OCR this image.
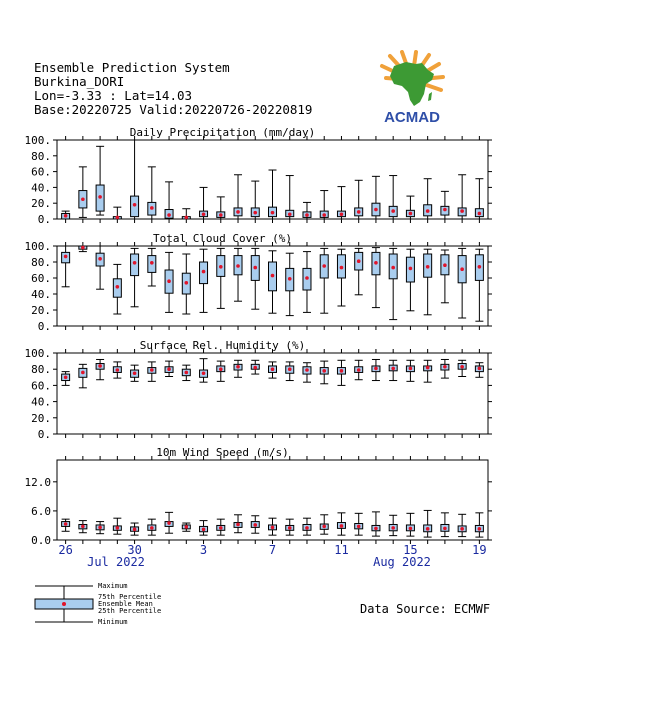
Ensemble Prediction System
Burkina_DORI
Lon=-3.33 : Lat=14.03
Base:20220725 Valid:20220726-20220819	ACMAD
0.
20.
40.
60.
80.
100.
Daily Precipitation (mm/day)
0.
20.
40.
60.
80.
100.
Total Cloud Cover (%)
0.
20.
40.
60.
80.
100.
Surface Rel. Humidity (%)
0.0
6.0
12.0
10m Wind Speed (m/s)
26	30	3	7	11	15	19
Jul 2022	Aug 2022
Maximum
75th Percentile
Ensemble Mean
25th Percentile
Minimum
Data Source: ECMWF
